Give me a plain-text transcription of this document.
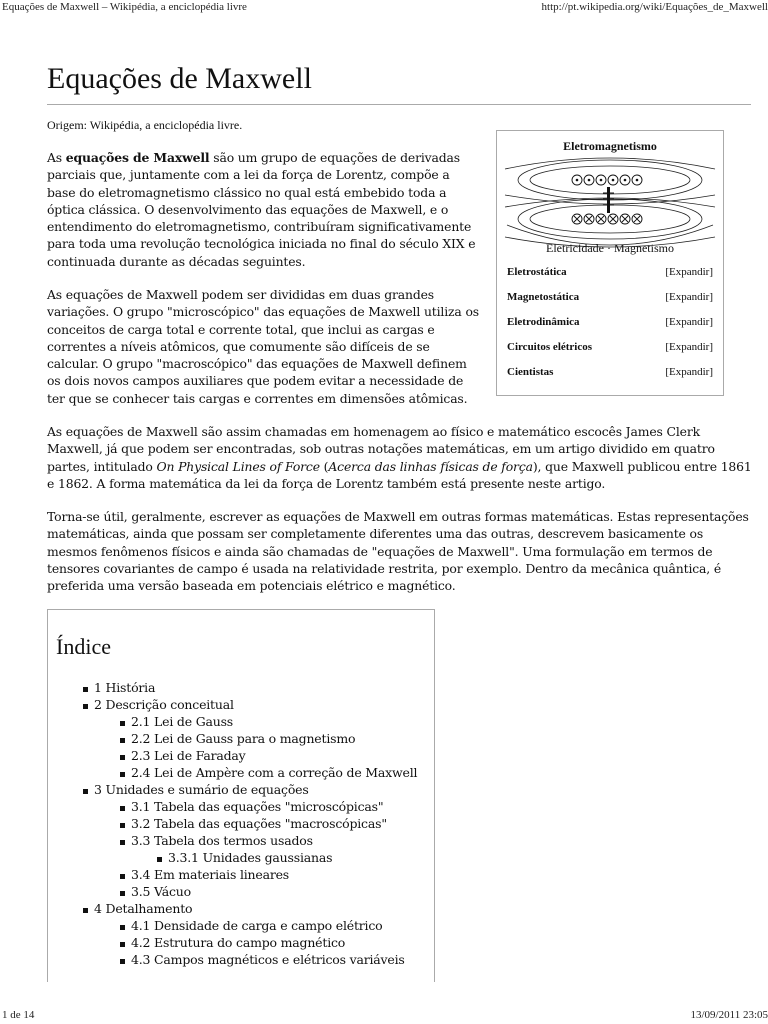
Equações de Maxwell – Wikipédia, a enciclopédia livre	http://pt.wikipedia.org/wiki/Equações_de_Maxwell
Equações de Maxwell
Origem: Wikipédia, a enciclopédia livre.

As equações de Maxwell são um grupo de equações de derivadas parciais que, juntamente com a lei da força de Lorentz, compõe a base do eletromagnetismo clássico no qual está embebido toda a óptica clássica. O desenvolvimento das equações de Maxwell, e o entendimento do eletromagnetismo, contribuíram significativamente para toda uma revolução tecnológica iniciada no final do século XIX e continuada durante as décadas seguintes.

As equações de Maxwell podem ser divididas em duas grandes variações. O grupo "microscópico" das equações de Maxwell utiliza os conceitos de carga total e corrente total, que inclui as cargas e correntes a níveis atômicos, que comumente são difíceis de se calcular. O grupo "macroscópico" das equações de Maxwell definem os dois novos campos auxiliares que podem evitar a necessidade de ter que se conhecer tais cargas e correntes em dimensões atômicas.

As equações de Maxwell são assim chamadas em homenagem ao físico e matemático escocês James Clerk Maxwell, já que podem ser encontradas, sob outras notações matemáticas, em um artigo dividido em quatro partes, intitulado On Physical Lines of Force (Acerca das linhas físicas de força), que Maxwell publicou entre 1861 e 1862. A forma matemática da lei da força de Lorentz também está presente neste artigo.

Torna-se útil, geralmente, escrever as equações de Maxwell em outras formas matemáticas. Estas representações matemáticas, ainda que possam ser completamente diferentes uma das outras, descrevem basicamente os mesmos fenômenos físicos e ainda são chamadas de "equações de Maxwell". Uma formulação em termos de tensores covariantes de campo é usada na relatividade restrita, por exemplo. Dentro da mecânica quântica, é preferida uma versão baseada em potenciais elétrico e magnético.

Eletromagnetismo
Eletricidade · Magnetismo
Eletrostática	[Expandir]
Magnetostática	[Expandir]
Eletrodinâmica	[Expandir]
Circuitos elétricos	[Expandir]
Cientistas	[Expandir]
Índice
1 História
2 Descrição conceitual
2.1 Lei de Gauss
2.2 Lei de Gauss para o magnetismo
2.3 Lei de Faraday
2.4 Lei de Ampère com a correção de Maxwell
3 Unidades e sumário de equações
3.1 Tabela das equações "microscópicas"
3.2 Tabela das equações "macroscópicas"
3.3 Tabela dos termos usados
3.3.1 Unidades gaussianas
3.4 Em materiais lineares
3.5 Vácuo
4 Detalhamento
4.1 Densidade de carga e campo elétrico
4.2 Estrutura do campo magnético
4.3 Campos magnéticos e elétricos variáveis
1 de 14	13/09/2011 23:05
